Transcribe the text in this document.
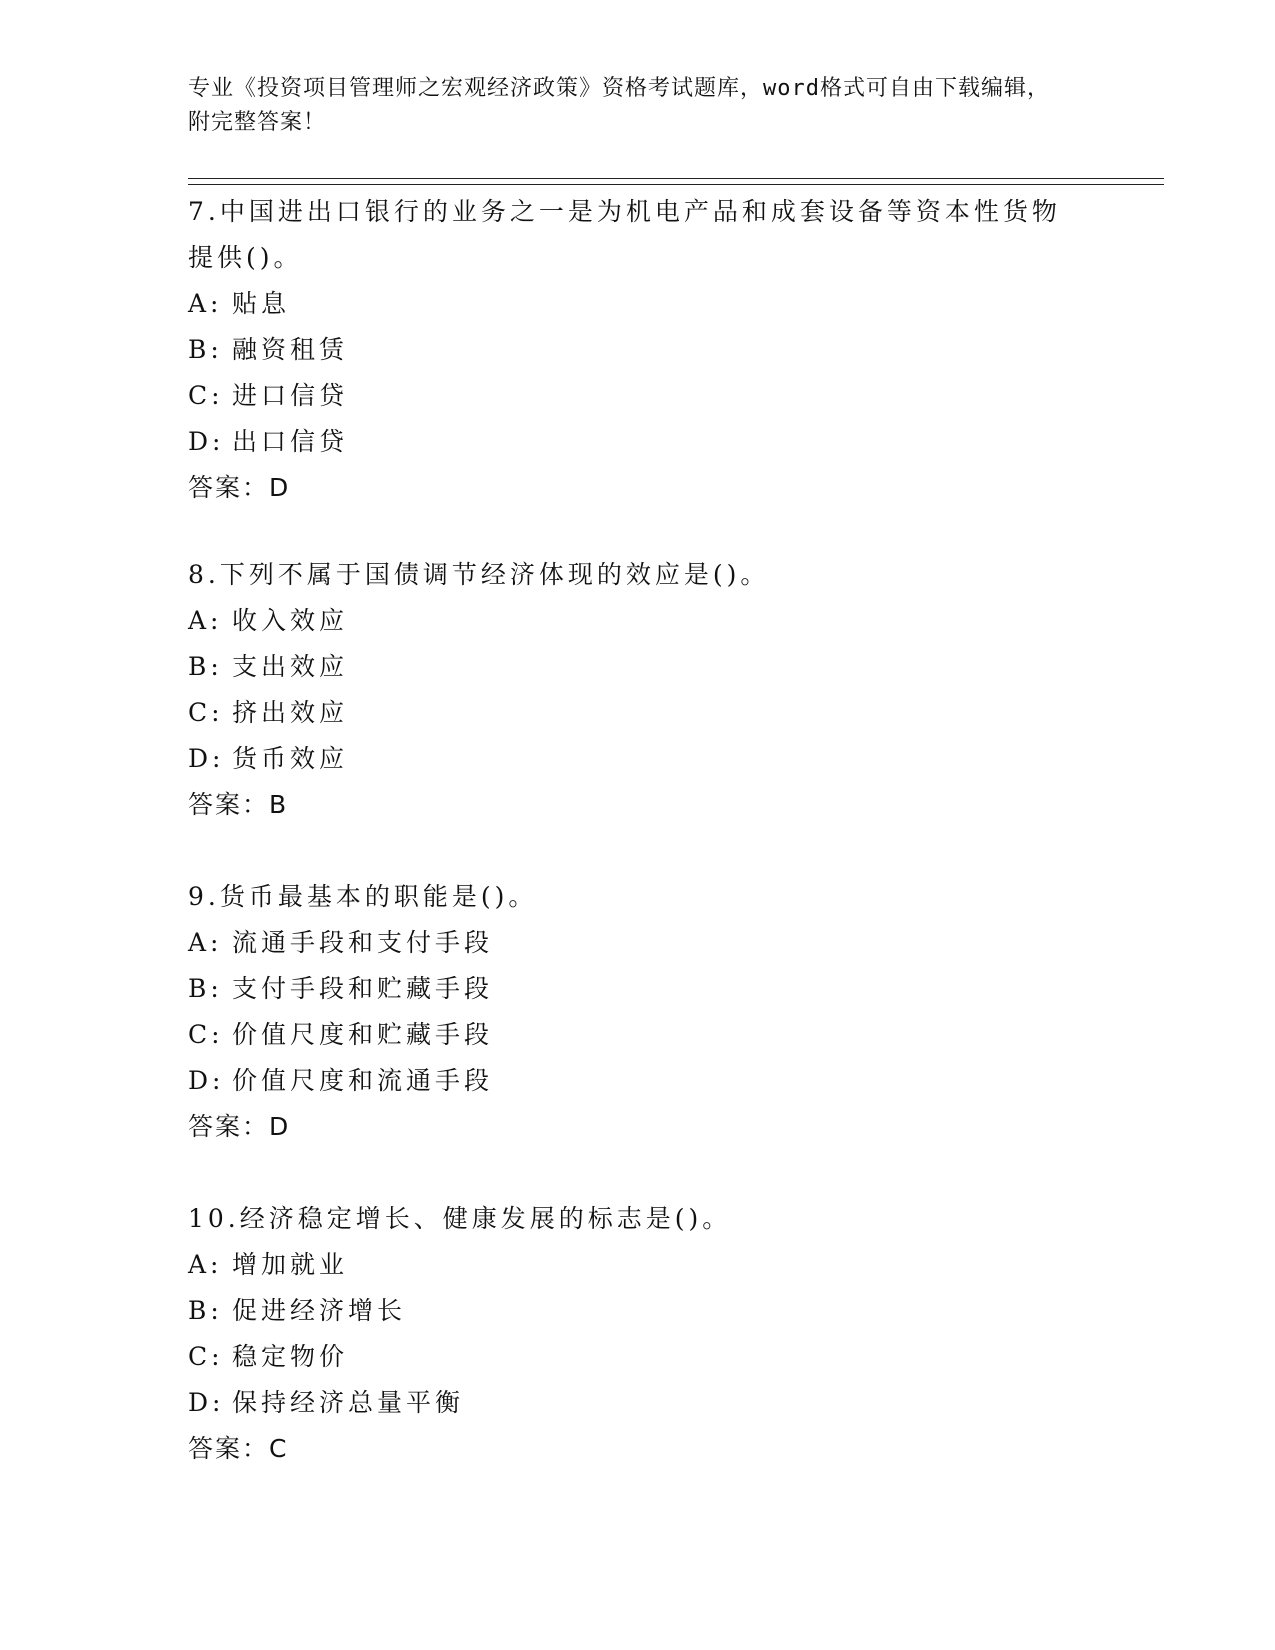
专业《投资项目管理师之宏观经济政策》资格考试题库，word格式可自由下载编辑，附完整答案！

7.中国进出口银行的业务之一是为机电产品和成套设备等资本性货物提供()。

A: 贴息

B: 融资租赁

C: 进口信贷

D: 出口信贷

答案：D

8.下列不属于国债调节经济体现的效应是()。

A: 收入效应

B: 支出效应

C: 挤出效应

D: 货币效应

答案：B

9.货币最基本的职能是()。

A: 流通手段和支付手段

B: 支付手段和贮藏手段

C: 价值尺度和贮藏手段

D: 价值尺度和流通手段

答案：D

10.经济稳定增长、健康发展的标志是()。

A: 增加就业

B: 促进经济增长

C: 稳定物价

D: 保持经济总量平衡

答案：C
